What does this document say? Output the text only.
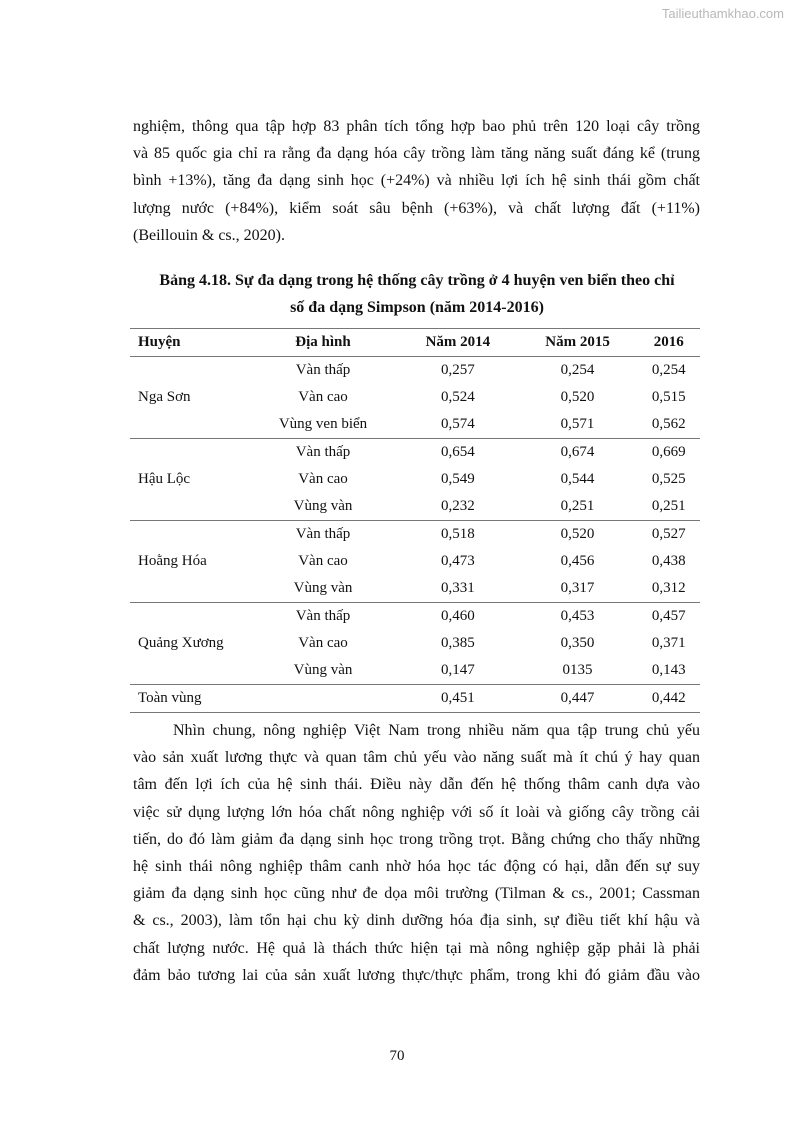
Tailieuthamkhao.com
nghiệm, thông qua tập hợp 83 phân tích tổng hợp bao phủ trên 120 loại cây trồng
và 85 quốc gia chỉ ra rằng đa dạng hóa cây trồng làm tăng năng suất đáng kể (trung
bình +13%), tăng đa dạng sinh học (+24%) và nhiều lợi ích hệ sinh thái gồm chất
lượng nước (+84%), kiểm soát sâu bệnh (+63%), và chất lượng đất (+11%)
(Beillouin & cs., 2020).
Bảng 4.18. Sự đa dạng trong hệ thống cây trồng ở 4 huyện ven biển theo chỉ
số đa dạng Simpson (năm 2014-2016)
Huyện	Địa hình	Năm 2014	Năm 2015	2016
Nga Sơn	Vàn thấp	0,257	0,254	0,254
	Vàn cao	0,524	0,520	0,515
	Vùng ven biển	0,574	0,571	0,562
Hậu Lộc	Vàn thấp	0,654	0,674	0,669
	Vàn cao	0,549	0,544	0,525
	Vùng vàn	0,232	0,251	0,251
Hoằng Hóa	Vàn thấp	0,518	0,520	0,527
	Vàn cao	0,473	0,456	0,438
	Vùng vàn	0,331	0,317	0,312
Quảng Xương	Vàn thấp	0,460	0,453	0,457
	Vàn cao	0,385	0,350	0,371
	Vùng vàn	0,147	0135	0,143
Toàn vùng		0,451	0,447	0,442
Nhìn chung, nông nghiệp Việt Nam trong nhiều năm qua tập trung chủ yếu
vào sản xuất lương thực và quan tâm chủ yếu vào năng suất mà ít chú ý hay quan
tâm đến lợi ích của hệ sinh thái. Điều này dẫn đến hệ thống thâm canh dựa vào
việc sử dụng lượng lớn hóa chất nông nghiệp với số ít loài và giống cây trồng cải
tiến, do đó làm giảm đa dạng sinh học trong trồng trọt. Bằng chứng cho thấy những
hệ sinh thái nông nghiệp thâm canh nhờ hóa học tác động có hại, dẫn đến sự suy
giảm đa dạng sinh học cũng như đe dọa môi trường (Tilman & cs., 2001; Cassman
& cs., 2003), làm tổn hại chu kỳ dinh dưỡng hóa địa sinh, sự điều tiết khí hậu và
chất lượng nước. Hệ quả là thách thức hiện tại mà nông nghiệp gặp phải là phải
đảm bảo tương lai của sản xuất lương thực/thực phẩm, trong khi đó giảm đầu vào
70
